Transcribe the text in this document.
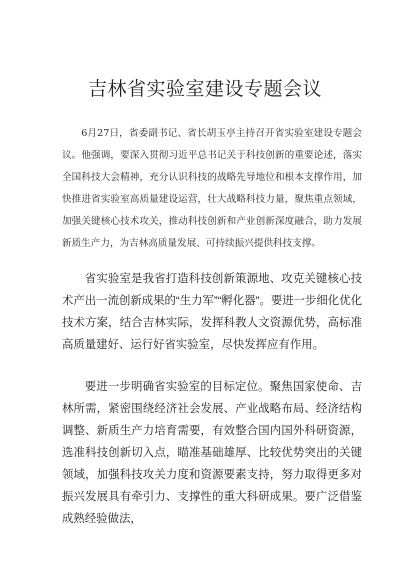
吉林省实验室建设专题会议

6月27日，省委副书记、省长胡玉亭主持召开省实验室建设专题会议。他强调，要深入贯彻习近平总书记关于科技创新的重要论述，落实全国科技大会精神，充分认识科技的战略先导地位和根本支撑作用，加快推进省实验室高质量建设运营，壮大战略科技力量，聚焦重点领域，加强关键核心技术攻关，推动科技创新和产业创新深度融合，助力发展新质生产力，为吉林高质量发展、可持续振兴提供科技支撑。

省实验室是我省打造科技创新策源地、攻克关键核心技术产出一流创新成果的“生力军”“孵化器”。要进一步细化优化技术方案，结合吉林实际，发挥科教人文资源优势，高标准高质量建好、运行好省实验室，尽快发挥应有作用。

要进一步明确省实验室的目标定位。聚焦国家使命、吉林所需，紧密围绕经济社会发展、产业战略布局、经济结构调整、新质生产力培育需要，有效整合国内国外科研资源，选准科技创新切入点，瞄准基础雄厚、比较优势突出的关键领域，加强科技攻关力度和资源要素支持，努力取得更多对振兴发展具有牵引力、支撑性的重大科研成果。要广泛借鉴成熟经验做法，
